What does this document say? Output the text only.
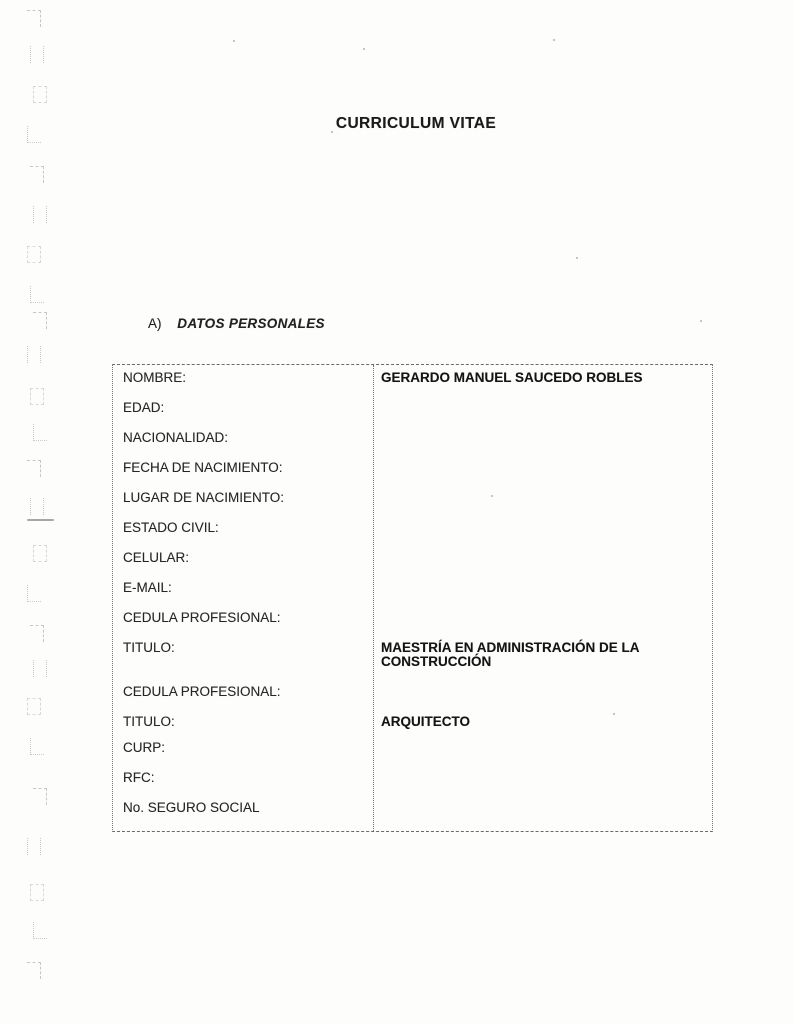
CURRICULUM VITAE
A) DATOS PERSONALES
NOMBRE:	GERARDO MANUEL SAUCEDO ROBLES
EDAD:
NACIONALIDAD:
FECHA DE NACIMIENTO:
LUGAR DE NACIMIENTO:
ESTADO CIVIL:
CELULAR:
E-MAIL:
CEDULA PROFESIONAL:
TITULO:	MAESTRÍA EN ADMINISTRACIÓN DE LA CONSTRUCCIÓN
CEDULA PROFESIONAL:
TITULO:	ARQUITECTO
CURP:
RFC:
No. SEGURO SOCIAL
